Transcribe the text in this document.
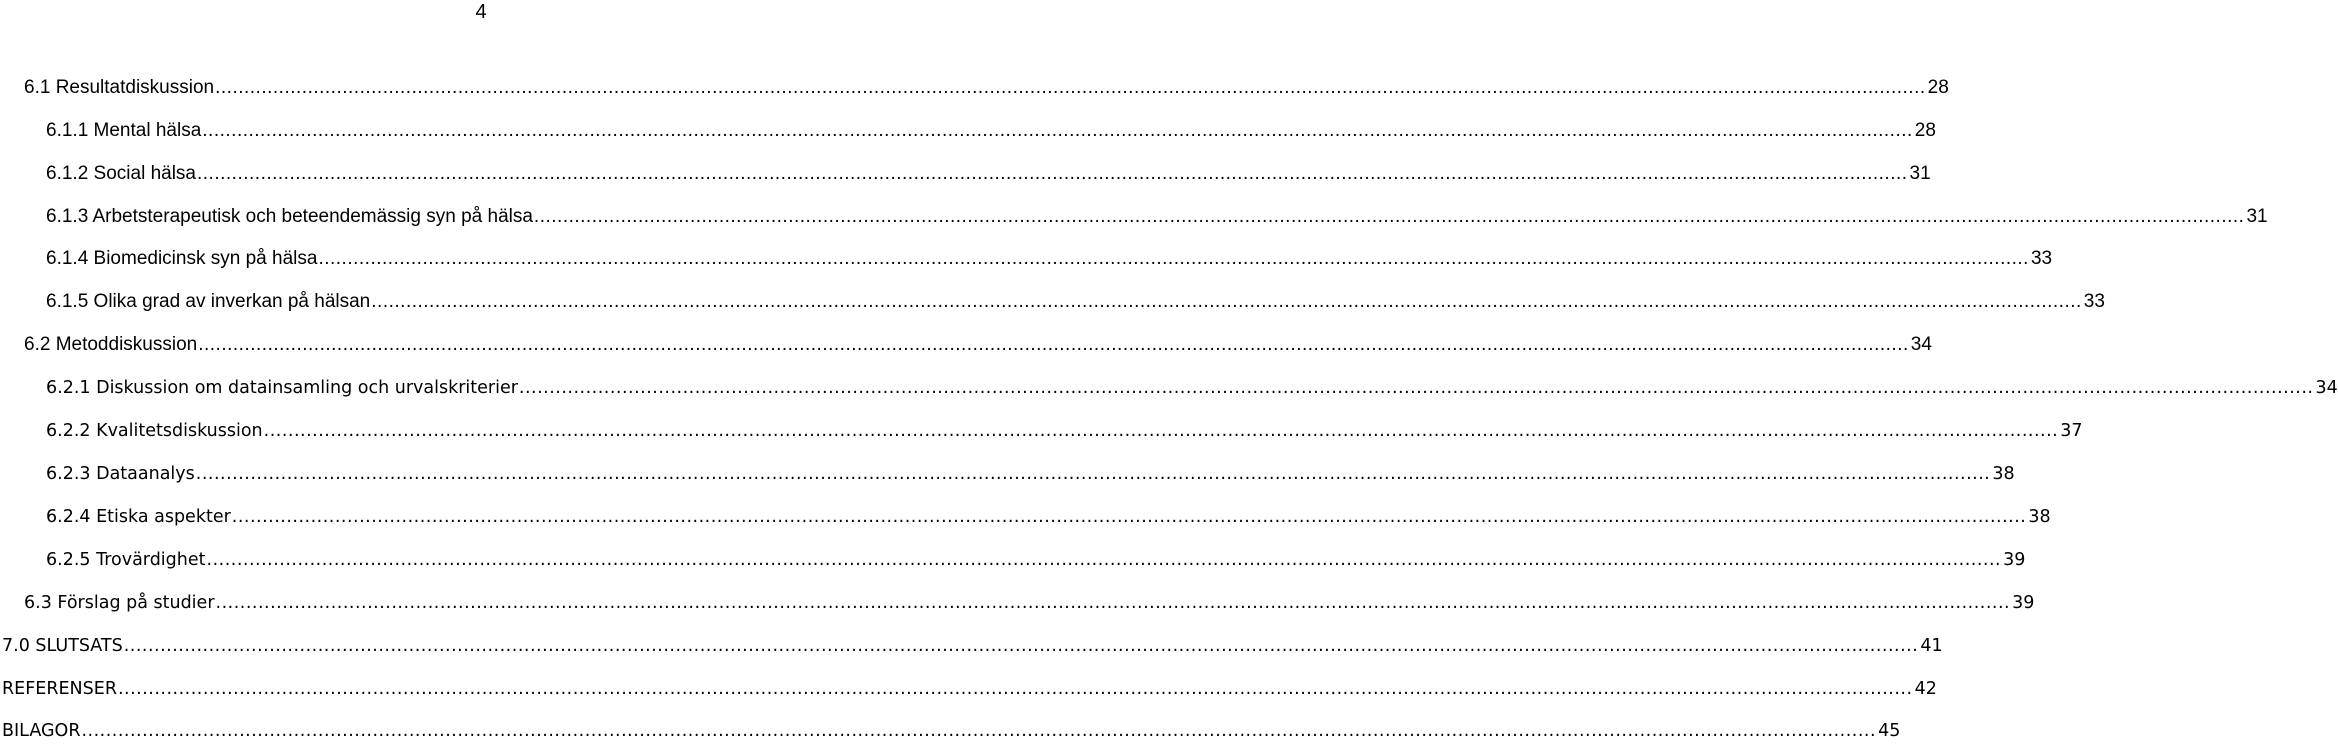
4
6.1 Resultatdiskussion ........................................................................................................................................................................................................................................................................................................ 28
6.1.1 Mental hälsa ........................................................................................................................................................................................................................................................................................................ 28
6.1.2 Social hälsa ........................................................................................................................................................................................................................................................................................................ 31
6.1.3 Arbetsterapeutisk och beteendemässig syn på hälsa ........................................................................................................................................................................................................................................................................................................ 31
6.1.4 Biomedicinsk syn på hälsa ........................................................................................................................................................................................................................................................................................................ 33
6.1.5 Olika grad av inverkan på hälsan ........................................................................................................................................................................................................................................................................................................ 33
6.2 Metoddiskussion ........................................................................................................................................................................................................................................................................................................ 34
6.2.1 Diskussion om datainsamling och urvalskriterier ........................................................................................................................................................................................................................................................................................................ 34
6.2.2 Kvalitetsdiskussion ........................................................................................................................................................................................................................................................................................................ 37
6.2.3 Dataanalys ........................................................................................................................................................................................................................................................................................................ 38
6.2.4 Etiska aspekter ........................................................................................................................................................................................................................................................................................................ 38
6.2.5 Trovärdighet ........................................................................................................................................................................................................................................................................................................ 39
6.3 Förslag på studier ........................................................................................................................................................................................................................................................................................................ 39
7.0 SLUTSATS ........................................................................................................................................................................................................................................................................................................ 41
REFERENSER ........................................................................................................................................................................................................................................................................................................ 42
BILAGOR ........................................................................................................................................................................................................................................................................................................ 45
